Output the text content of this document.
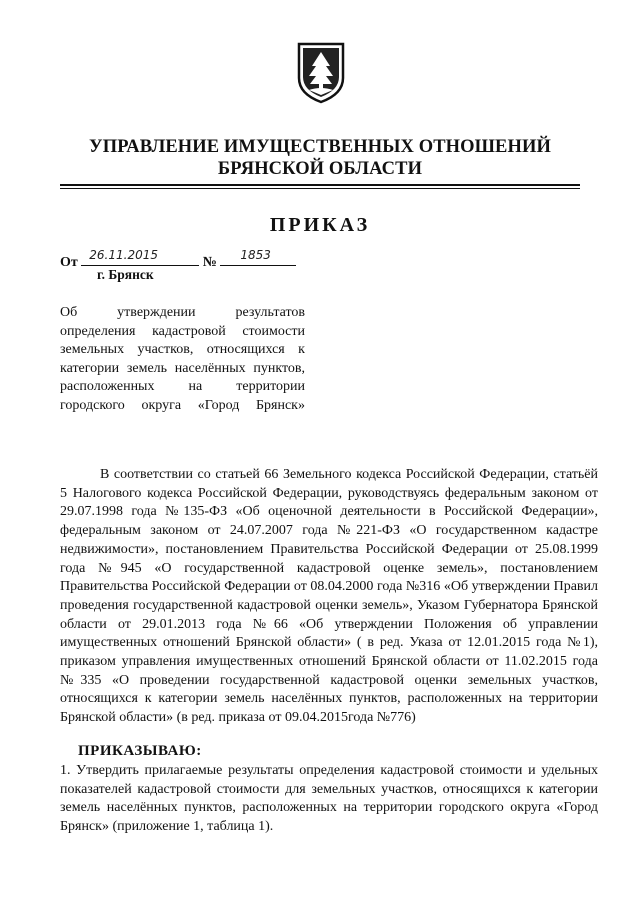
УПРАВЛЕНИЕ ИМУЩЕСТВЕННЫХ ОТНОШЕНИЙ
БРЯНСКОЙ ОБЛАСТИ
ПРИКАЗ
От 26.11.2015	№ 1853
г. Брянск
Об утверждении результатов определения кадастровой стоимости земельных участков, относящихся к категории земель населённых пунктов, расположенных на территории городского округа «Город Брянск»

В соответствии со статьей 66 Земельного кодекса Российской Федерации, статьёй 5 Налогового кодекса Российской Федерации, руководствуясь федеральным законом от 29.07.1998 года №135-ФЗ «Об оценочной деятельности в Российской Федерации», федеральным законом от 24.07.2007 года №221-ФЗ «О государственном кадастре недвижимости», постановлением Правительства Российской Федерации от 25.08.1999 года №945 «О государственной кадастровой оценке земель», постановлением Правительства Российской Федерации от 08.04.2000 года №316 «Об утверждении Правил проведения государственной кадастровой оценки земель», Указом Губернатора Брянской области от 29.01.2013 года №66 «Об утверждении Положения об управлении имущественных отношений Брянской области» ( в ред. Указа от 12.01.2015 года №1), приказом управления имущественных отношений Брянской области от 11.02.2015 года №335 «О проведении государственной кадастровой оценки земельных участков, относящихся к категории земель населённых пунктов, расположенных на территории Брянской области» (в ред. приказа от 09.04.2015года №776)

ПРИКАЗЫВАЮ:

1. Утвердить прилагаемые результаты определения кадастровой стоимости и удельных показателей кадастровой стоимости для земельных участков, относящихся к категории земель населённых пунктов, расположенных на территории городского округа «Город Брянск» (приложение 1, таблица 1).
